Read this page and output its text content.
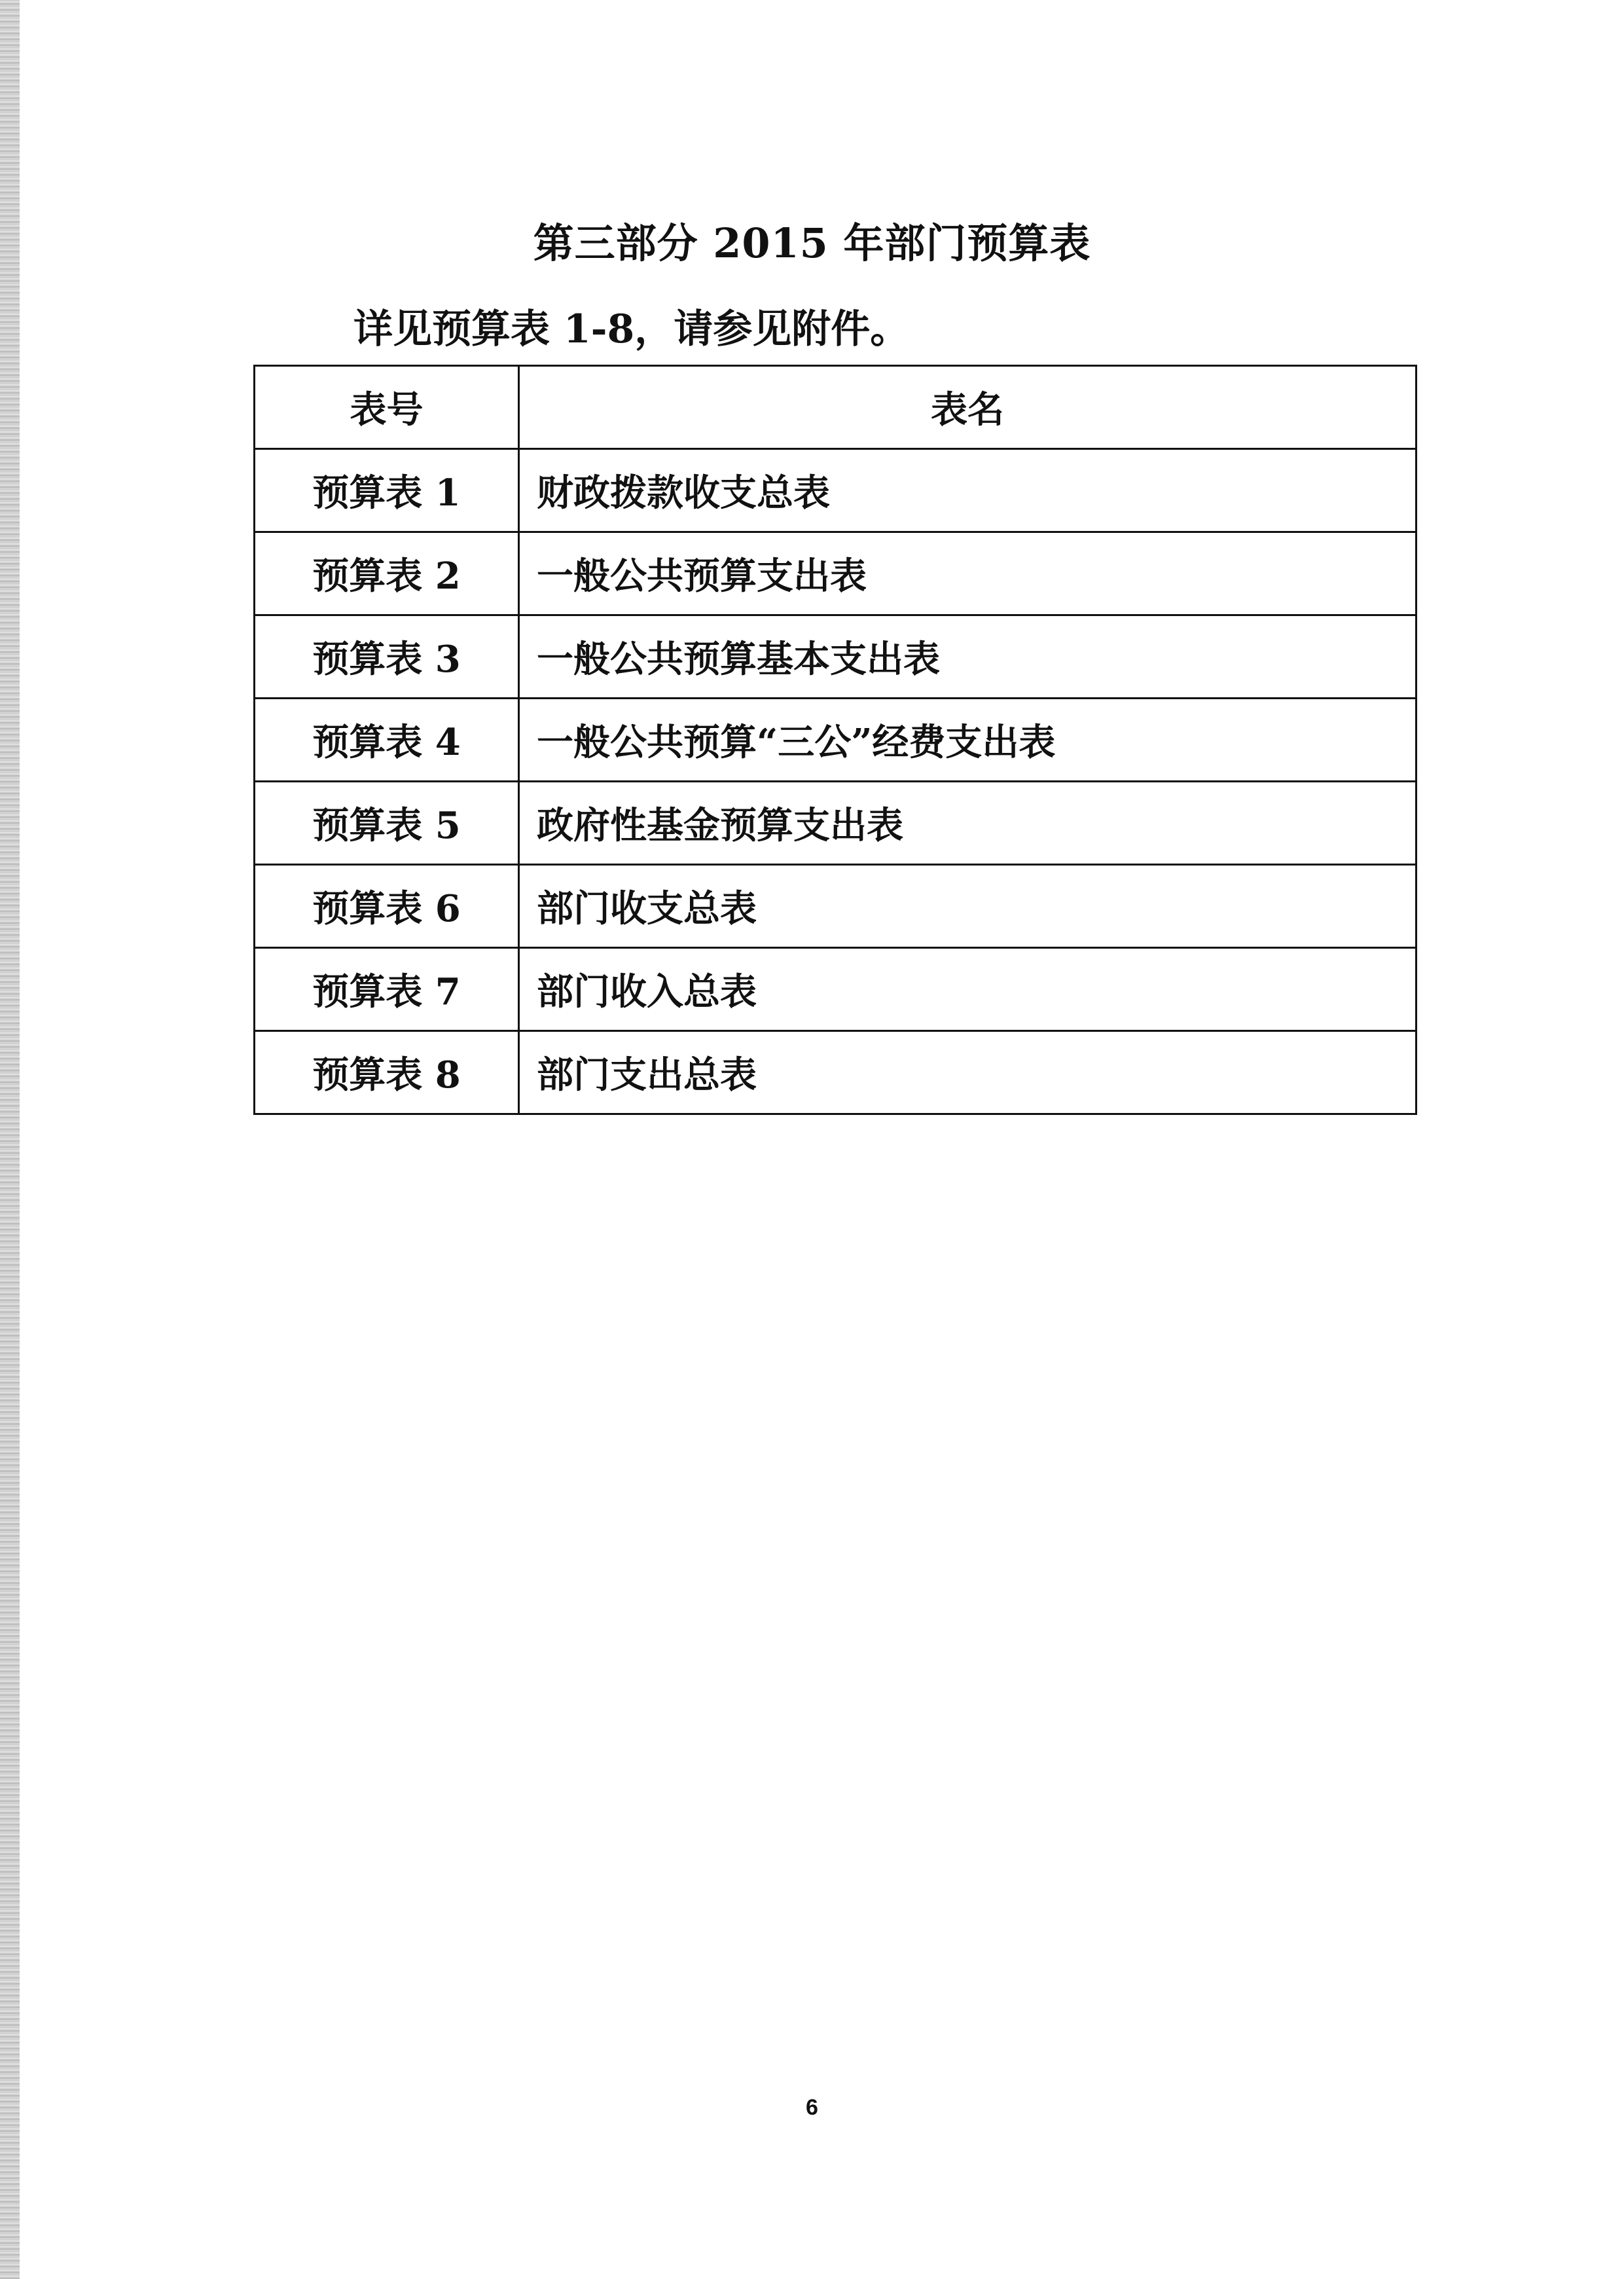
第三部分 2015 年部门预算表
详见预算表 1-8，请参见附件。
表号	表名
预算表 1	财政拨款收支总表
预算表 2	一般公共预算支出表
预算表 3	一般公共预算基本支出表
预算表 4	一般公共预算“三公”经费支出表
预算表 5	政府性基金预算支出表
预算表 6	部门收支总表
预算表 7	部门收入总表
预算表 8	部门支出总表
6
